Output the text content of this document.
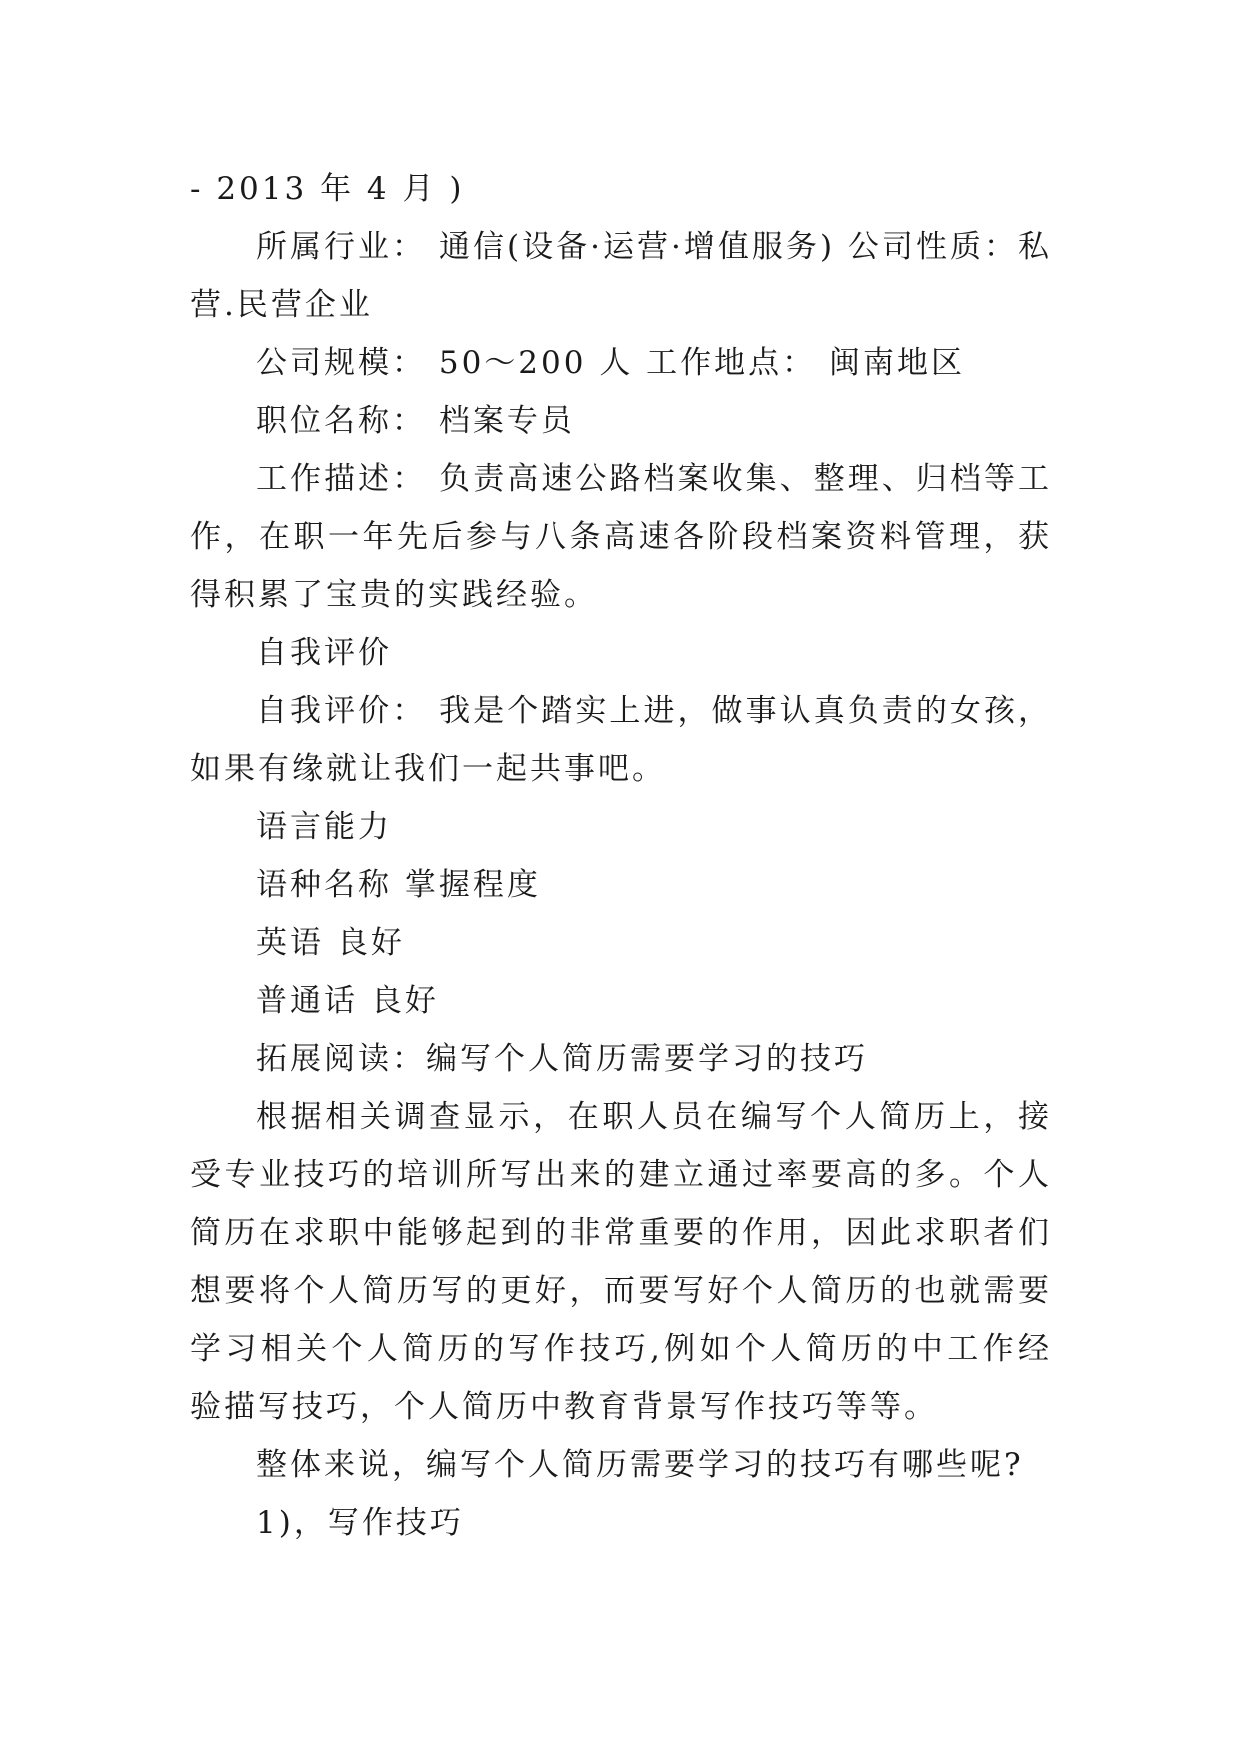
- 2013 年 4 月 )

所属行业： 通信(设备·运营·增值服务) 公司性质：私营.民营企业

公司规模： 50～200 人 工作地点： 闽南地区

职位名称： 档案专员

工作描述： 负责高速公路档案收集、整理、归档等工作，在职一年先后参与八条高速各阶段档案资料管理，获得积累了宝贵的实践经验。

自我评价

自我评价： 我是个踏实上进，做事认真负责的女孩，如果有缘就让我们一起共事吧。

语言能力

语种名称 掌握程度

英语 良好

普通话 良好

拓展阅读：编写个人简历需要学习的技巧

根据相关调查显示，在职人员在编写个人简历上，接受专业技巧的培训所写出来的建立通过率要高的多。个人简历在求职中能够起到的非常重要的作用，因此求职者们想要将个人简历写的更好，而要写好个人简历的也就需要学习相关个人简历的写作技巧,例如个人简历的中工作经验描写技巧，个人简历中教育背景写作技巧等等。

整体来说，编写个人简历需要学习的技巧有哪些呢?

1)，写作技巧
